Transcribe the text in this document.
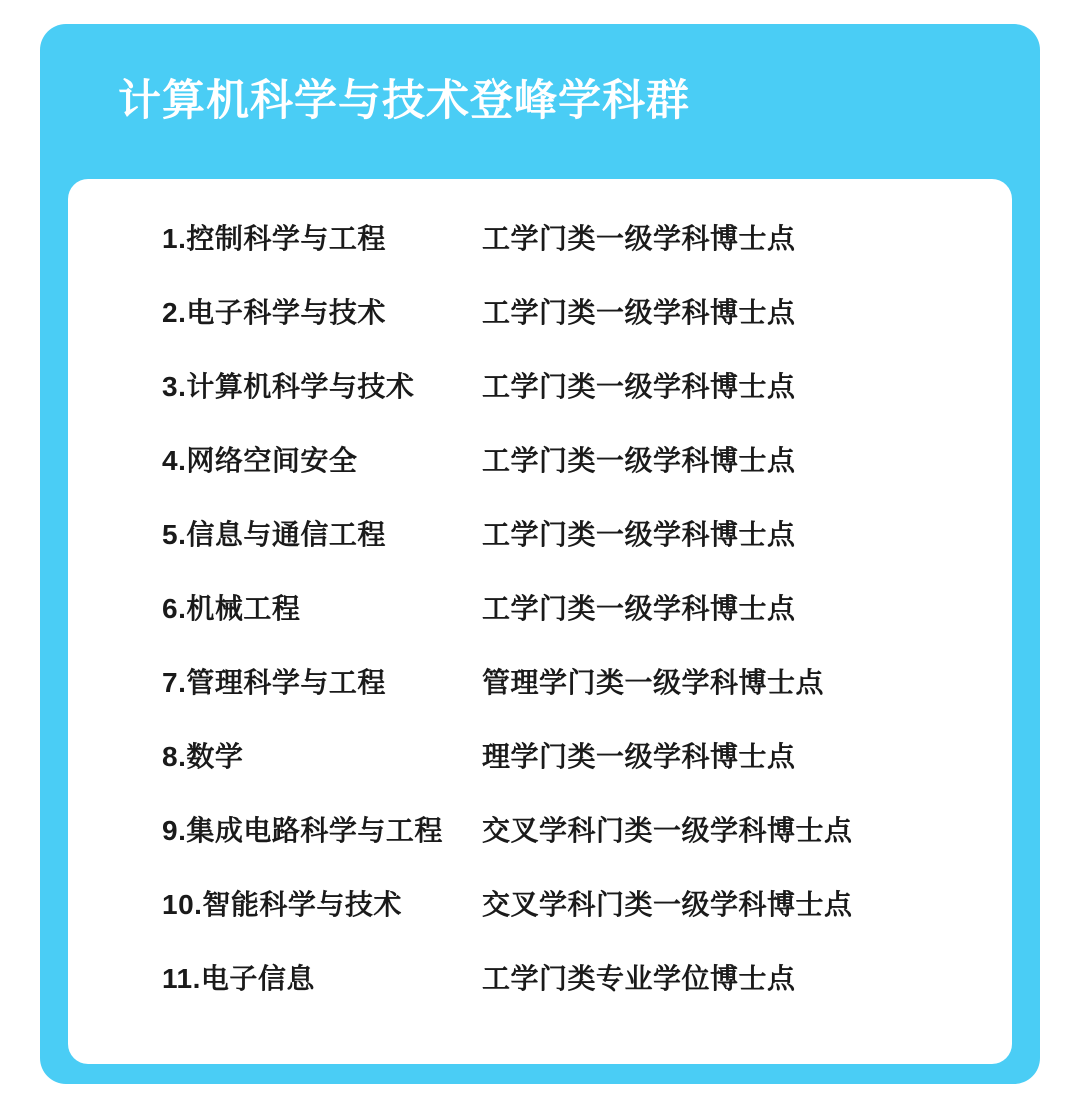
计算机科学与技术登峰学科群
1.控制科学与工程	工学门类一级学科博士点
2.电子科学与技术	工学门类一级学科博士点
3.计算机科学与技术	工学门类一级学科博士点
4.网络空间安全	工学门类一级学科博士点
5.信息与通信工程	工学门类一级学科博士点
6.机械工程	工学门类一级学科博士点
7.管理科学与工程	管理学门类一级学科博士点
8.数学	理学门类一级学科博士点
9.集成电路科学与工程	交叉学科门类一级学科博士点
10.智能科学与技术	交叉学科门类一级学科博士点
11.电子信息	工学门类专业学位博士点
